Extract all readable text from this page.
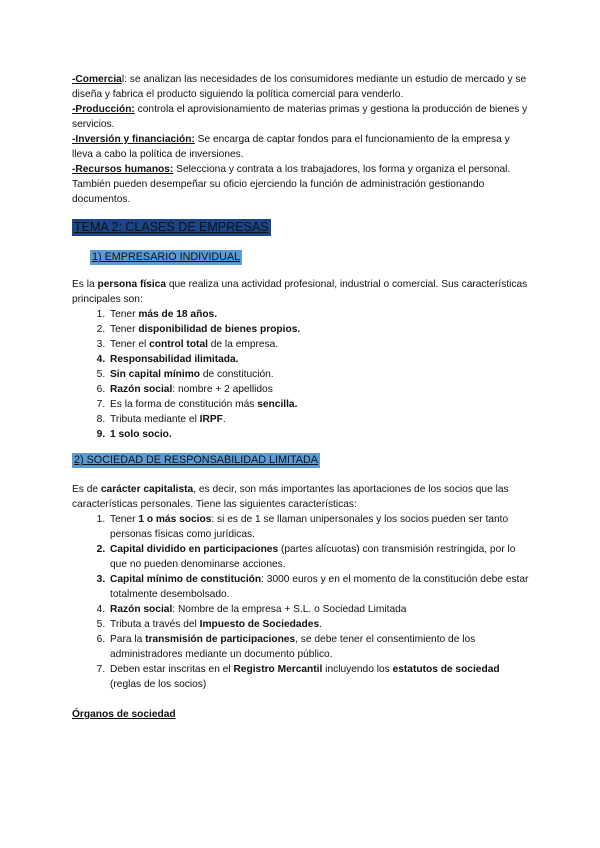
-Comercial: se analizan las necesidades de los consumidores mediante un estudio de mercado y se diseña y fabrica el producto siguiendo la política comercial para venderlo.

-Producción: controla el aprovisionamiento de materias primas y gestiona la producción de bienes y servicios.

-Inversión y financiación: Se encarga de captar fondos para el funcionamiento de la empresa y lleva a cabo la política de inversiones.

-Recursos humanos: Selecciona y contrata a los trabajadores, los forma y organiza el personal. También pueden desempeñar su oficio ejerciendo la función de administración gestionando documentos.

TEMA 2: CLASES DE EMPRESAS
1) EMPRESARIO INDIVIDUAL

Es la persona física que realiza una actividad profesional, industrial o comercial. Sus características principales son:

1. Tener más de 18 años.
2. Tener disponibilidad de bienes propios.
3. Tener el control total de la empresa.
4. Responsabilidad ilimitada.
5. Sin capital mínimo de constitución.
6. Razón social: nombre + 2 apellidos
7. Es la forma de constitución más sencilla.
8. Tributa mediante el IRPF.
9. 1 solo socio.
2) SOCIEDAD DE RESPONSABILIDAD LIMITADA

Es de carácter capitalista, es decir, son más importantes las aportaciones de los socios que las características personales. Tiene las siguientes características:

1. Tener 1 o más socios: si es de 1 se llaman unipersonales y los socios pueden ser tanto personas físicas como jurídicas.
2. Capital dividido en participaciones (partes alícuotas) con transmisión restringida, por lo que no pueden denominarse acciones.
3. Capital mínimo de constitución: 3000 euros y en el momento de la constitución debe estar totalmente desembolsado.
4. Razón social: Nombre de la empresa + S.L. o Sociedad Limitada
5. Tributa a través del Impuesto de Sociedades.
6. Para la transmisión de participaciones, se debe tener el consentimiento de los administradores mediante un documento público.
7. Deben estar inscritas en el Registro Mercantil incluyendo los estatutos de sociedad (reglas de los socios)

Órganos de sociedad
